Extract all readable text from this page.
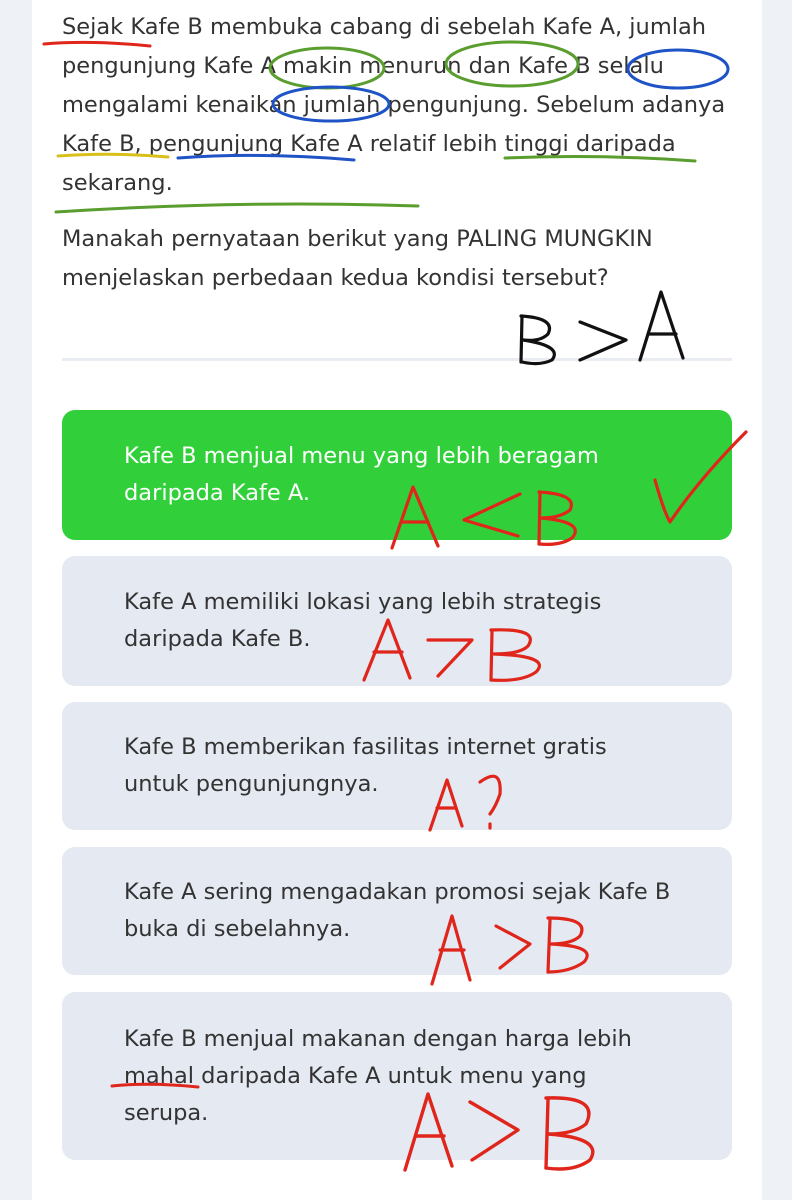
Sejak Kafe B membuka cabang di sebelah Kafe A, jumlah pengunjung Kafe A makin menurun dan Kafe B selalu mengalami kenaikan jumlah pengunjung. Sebelum adanya Kafe B, pengunjung Kafe A relatif lebih tinggi daripada sekarang.

Manakah pernyataan berikut yang PALING MUNGKIN menjelaskan perbedaan kedua kondisi tersebut?

Kafe B menjual menu yang lebih beragam daripada Kafe A.
Kafe A memiliki lokasi yang lebih strategis daripada Kafe B.
Kafe B memberikan fasilitas internet gratis untuk pengunjungnya.
Kafe A sering mengadakan promosi sejak Kafe B buka di sebelahnya.
Kafe B menjual makanan dengan harga lebih mahal daripada Kafe A untuk menu yang serupa.
